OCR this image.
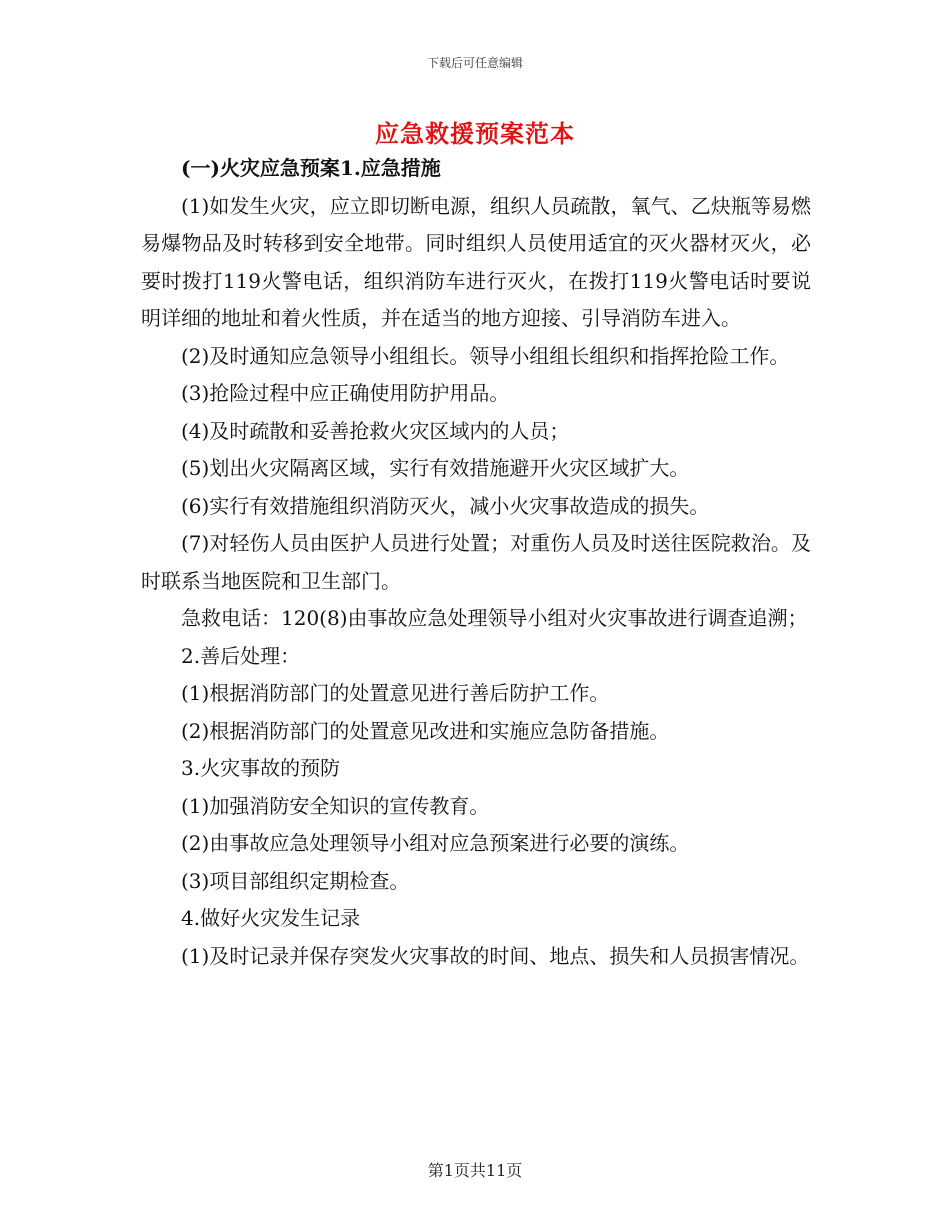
下载后可任意编辑
应急救援预案范本

(一)火灾应急预案1.应急措施

(1)如发生火灾，应立即切断电源，组织人员疏散，氧气、乙炔瓶等易燃易爆物品及时转移到安全地带。同时组织人员使用适宜的灭火器材灭火，必要时拨打119火警电话，组织消防车进行灭火，在拨打119火警电话时要说明详细的地址和着火性质，并在适当的地方迎接、引导消防车进入。

(2)及时通知应急领导小组组长。领导小组组长组织和指挥抢险工作。

(3)抢险过程中应正确使用防护用品。

(4)及时疏散和妥善抢救火灾区域内的人员；

(5)划出火灾隔离区域，实行有效措施避开火灾区域扩大。

(6)实行有效措施组织消防灭火，减小火灾事故造成的损失。

(7)对轻伤人员由医护人员进行处置；对重伤人员及时送往医院救治。及时联系当地医院和卫生部门。

急救电话：120(8)由事故应急处理领导小组对火灾事故进行调查追溯；

2.善后处理：

(1)根据消防部门的处置意见进行善后防护工作。

(2)根据消防部门的处置意见改进和实施应急防备措施。

3.火灾事故的预防

(1)加强消防安全知识的宣传教育。

(2)由事故应急处理领导小组对应急预案进行必要的演练。

(3)项目部组织定期检查。

4.做好火灾发生记录

(1)及时记录并保存突发火灾事故的时间、地点、损失和人员损害情况。

第1页共11页
